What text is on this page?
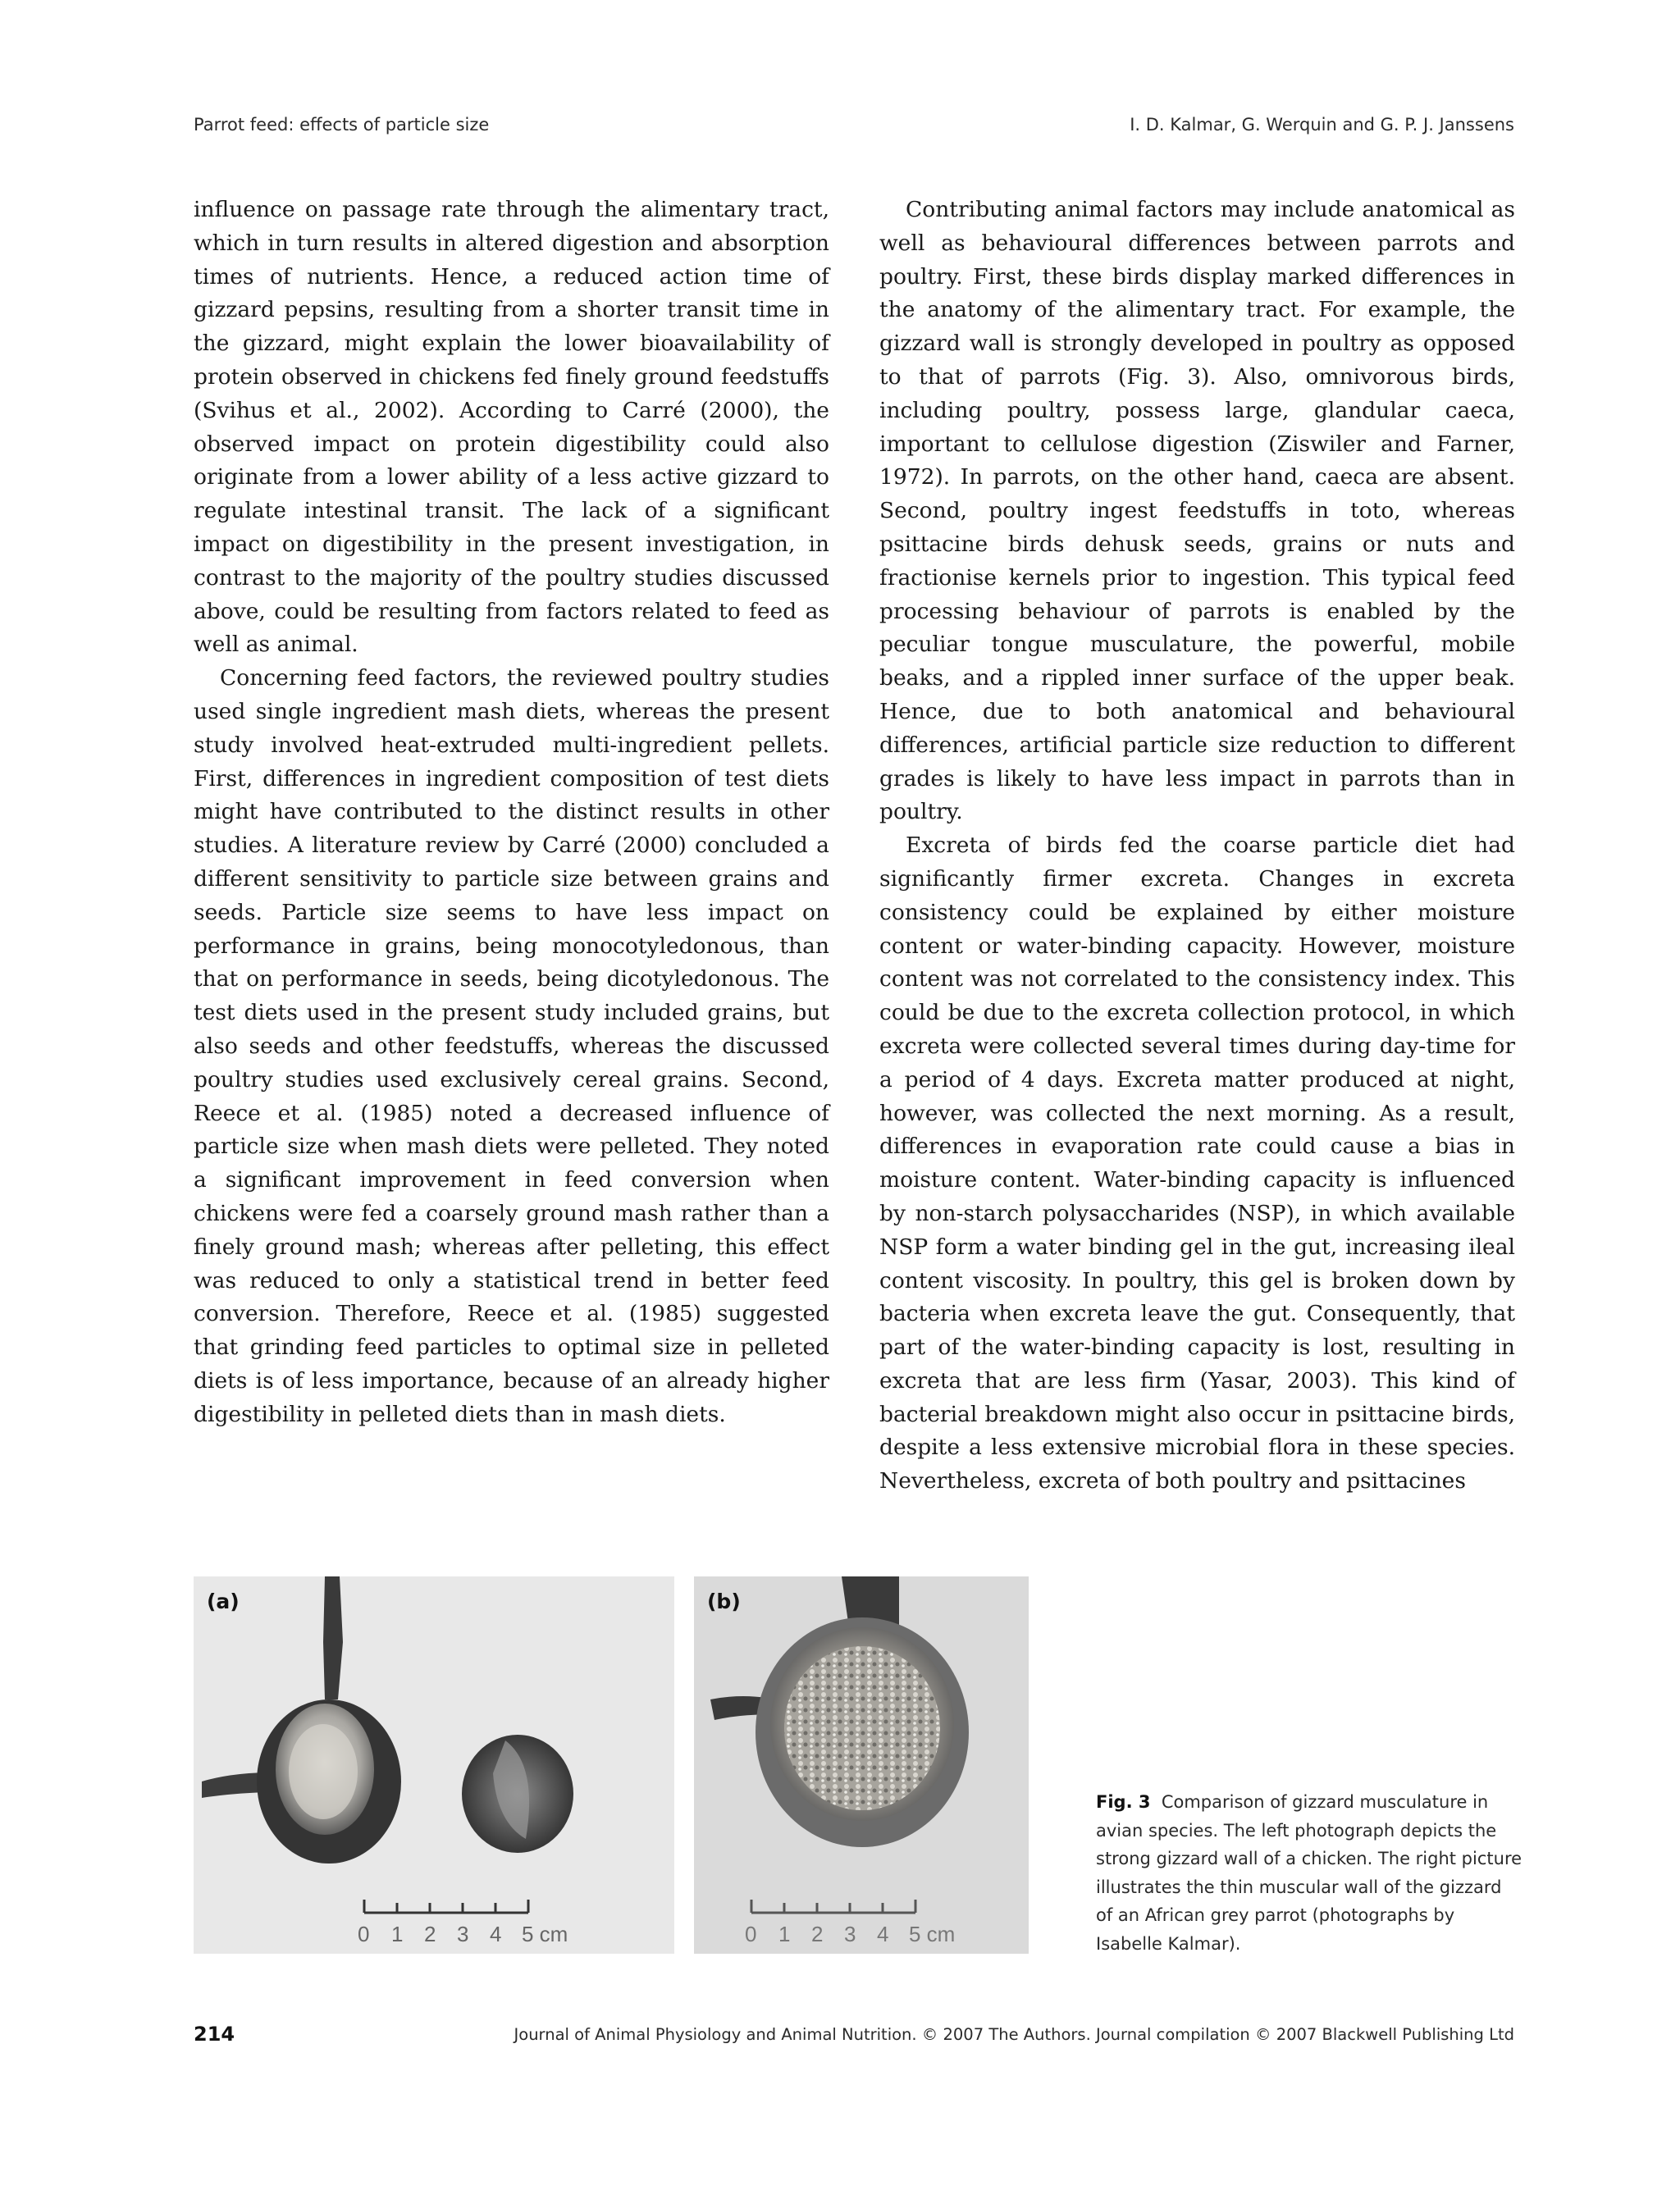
Parrot feed: effects of particle size	I. D. Kalmar, G. Werquin and G. P. J. Janssens

influence on passage rate through the alimentary tract, which in turn results in altered digestion and absorption times of nutrients. Hence, a reduced action time of gizzard pepsins, resulting from a shorter transit time in the gizzard, might explain the lower bioavailability of protein observed in chickens fed finely ground feedstuffs (Svihus et al., 2002). According to Carré (2000), the observed impact on protein digestibility could also originate from a lower ability of a less active gizzard to regulate intestinal transit. The lack of a significant impact on digestibility in the present investigation, in contrast to the majority of the poultry studies discussed above, could be resulting from factors related to feed as well as animal.

Concerning feed factors, the reviewed poultry studies used single ingredient mash diets, whereas the present study involved heat-extruded multi-ingredient pellets. First, differences in ingredient composition of test diets might have contributed to the distinct results in other studies. A literature review by Carré (2000) concluded a different sensitivity to particle size between grains and seeds. Particle size seems to have less impact on performance in grains, being monocotyledonous, than that on performance in seeds, being dicotyledonous. The test diets used in the present study included grains, but also seeds and other feedstuffs, whereas the discussed poultry studies used exclusively cereal grains. Second, Reece et al. (1985) noted a decreased influence of particle size when mash diets were pelleted. They noted a significant improvement in feed conversion when chickens were fed a coarsely ground mash rather than a finely ground mash; whereas after pelleting, this effect was reduced to only a statistical trend in better feed conversion. Therefore, Reece et al. (1985) suggested that grinding feed particles to optimal size in pelleted diets is of less importance, because of an already higher digestibility in pelleted diets than in mash diets.

Contributing animal factors may include anatomical as well as behavioural differences between parrots and poultry. First, these birds display marked differences in the anatomy of the alimentary tract. For example, the gizzard wall is strongly developed in poultry as opposed to that of parrots (Fig. 3). Also, omnivorous birds, including poultry, possess large, glandular caeca, important to cellulose digestion (Ziswiler and Farner, 1972). In parrots, on the other hand, caeca are absent. Second, poultry ingest feedstuffs in toto, whereas psittacine birds dehusk seeds, grains or nuts and fractionise kernels prior to ingestion. This typical feed processing behaviour of parrots is enabled by the peculiar tongue musculature, the powerful, mobile beaks, and a rippled inner surface of the upper beak. Hence, due to both anatomical and behavioural differences, artificial particle size reduction to different grades is likely to have less impact in parrots than in poultry.

Excreta of birds fed the coarse particle diet had significantly firmer excreta. Changes in excreta consistency could be explained by either moisture content or water-binding capacity. However, moisture content was not correlated to the consistency index. This could be due to the excreta collection protocol, in which excreta were collected several times during day-time for a period of 4 days. Excreta matter produced at night, however, was collected the next morning. As a result, differences in evaporation rate could cause a bias in moisture content. Water-binding capacity is influenced by non-starch polysaccharides (NSP), in which available NSP form a water binding gel in the gut, increasing ileal content viscosity. In poultry, this gel is broken down by bacteria when excreta leave the gut. Consequently, that part of the water-binding capacity is lost, resulting in excreta that are less firm (Yasar, 2003). This kind of bacterial breakdown might also occur in psittacine birds, despite a less extensive microbial flora in these species. Nevertheless, excreta of both poultry and psittacines

0 1 2 3 4 5 cm
(a)
0 1 2 3 4 5 cm
(b)
Fig. 3 Comparison of gizzard musculature in avian species. The left photograph depicts the strong gizzard wall of a chicken. The right picture illustrates the thin muscular wall of the gizzard of an African grey parrot (photographs by Isabelle Kalmar).
214	Journal of Animal Physiology and Animal Nutrition. © 2007 The Authors. Journal compilation © 2007 Blackwell Publishing Ltd
